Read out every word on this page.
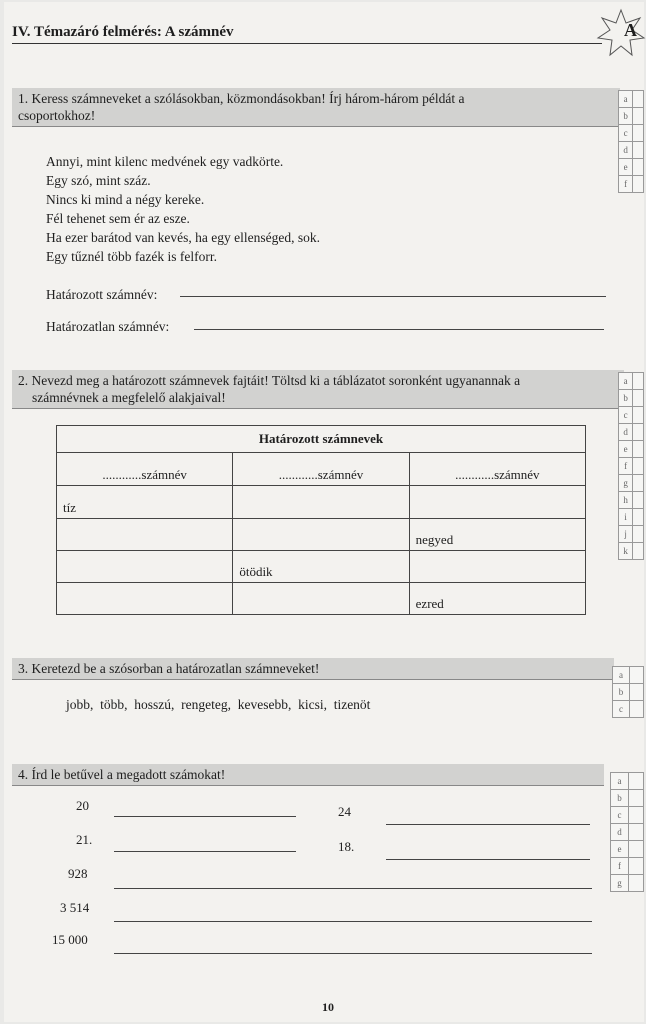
IV. Témazáró felmérés: A számnév	A
1. Keress számneveket a szólásokban, közmondásokban! Írj három-három példát a
csoportokhoz!
a	
b	
c	
d	
e	
f	
Annyi, mint kilenc medvének egy vadkörte.
Egy szó, mint száz.
Nincs ki mind a négy kereke.
Fél tehenet sem ér az esze.
Ha ezer barátod van kevés, ha egy ellenséged, sok.
Egy tűznél több fazék is felforr.
Határozott számnév:
Határozatlan számnév:
2. Nevezd meg a határozott számnevek fajtáit! Töltsd ki a táblázatot soronként ugyanannak a
számnévnek a megfelelő alakjaival!
a	
b	
c	
d	
e	
f	
g	
h	
i	
j	
k	
Határozott számnevek		
............számnév	............számnév	............számnév
tíz		
		negyed
	ötödik	
		ezred
3. Keretezd be a szósorban a határozatlan számneveket!	a	
b	
c	
jobb,  több,  hosszú,  rengeteg,  kevesebb,  kicsi,  tizenöt
4. Írd le betűvel a megadott számokat!	a	
b	
c	
d	
e	
f	
g	
20	24
21.	18.
928
3 514
15 000
10
